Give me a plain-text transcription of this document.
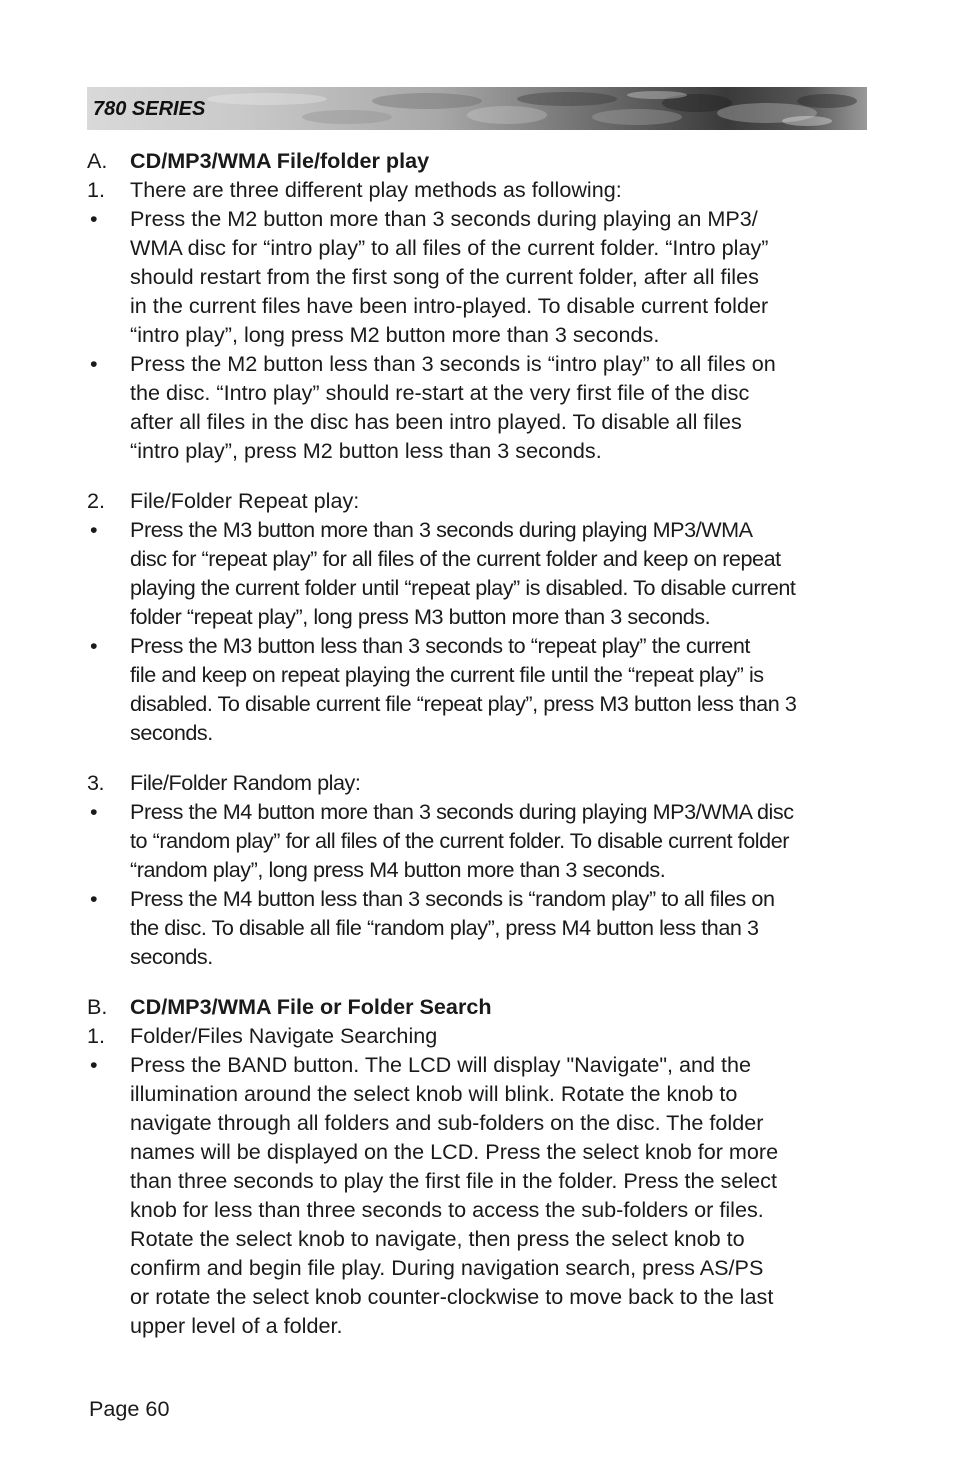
780 SERIES
A.	CD/MP3/WMA File/folder play
1.	There are three different play methods as following:
•	Press the M2 button more than 3 seconds during playing an MP3/
WMA disc for “intro play” to all files of the current folder. “Intro play”
should restart from the first song of the current folder, after all files
in the current files have been intro-played. To disable current folder
“intro play”, long press M2 button more than 3 seconds.
•	Press the M2 button less than 3 seconds is “intro play” to all files on
the disc. “Intro play” should re-start at the very first file of the disc
after all files in the disc has been intro played. To disable all files
“intro play”, press M2 button less than 3 seconds.
2.	File/Folder Repeat play:
•	Press the M3 button more than 3 seconds during playing MP3/WMA
disc for “repeat play” for all files of the current folder and keep on repeat
playing the current folder until “repeat play” is disabled. To disable current
folder “repeat play”, long press M3 button more than 3 seconds.
•	Press the M3 button less than 3 seconds to “repeat play” the current
file and keep on repeat playing the current file until the “repeat play” is
disabled. To disable current file “repeat play”, press M3 button less than 3
seconds.
3.	File/Folder Random play:
•	Press the M4 button more than 3 seconds during playing MP3/WMA disc
to “random play” for all files of the current folder. To disable current folder
“random play”, long press M4 button more than 3 seconds.
•	Press the M4 button less than 3 seconds is “random play” to all files on
the disc. To disable all file “random play”, press M4 button less than 3
seconds.
B.	CD/MP3/WMA File or Folder Search
1.	Folder/Files Navigate Searching
•	Press the BAND button. The LCD will display "Navigate", and the
illumination around the select knob will blink. Rotate the knob to
navigate through all folders and sub-folders on the disc. The folder
names will be displayed on the LCD. Press the select knob for more
than three seconds to play the first file in the folder. Press the select
knob for less than three seconds to access the sub-folders or files.
Rotate the select knob to navigate, then press the select knob to
confirm and begin file play. During navigation search, press AS/PS
or rotate the select knob counter-clockwise to move back to the last
upper level of a folder.
Page 60
